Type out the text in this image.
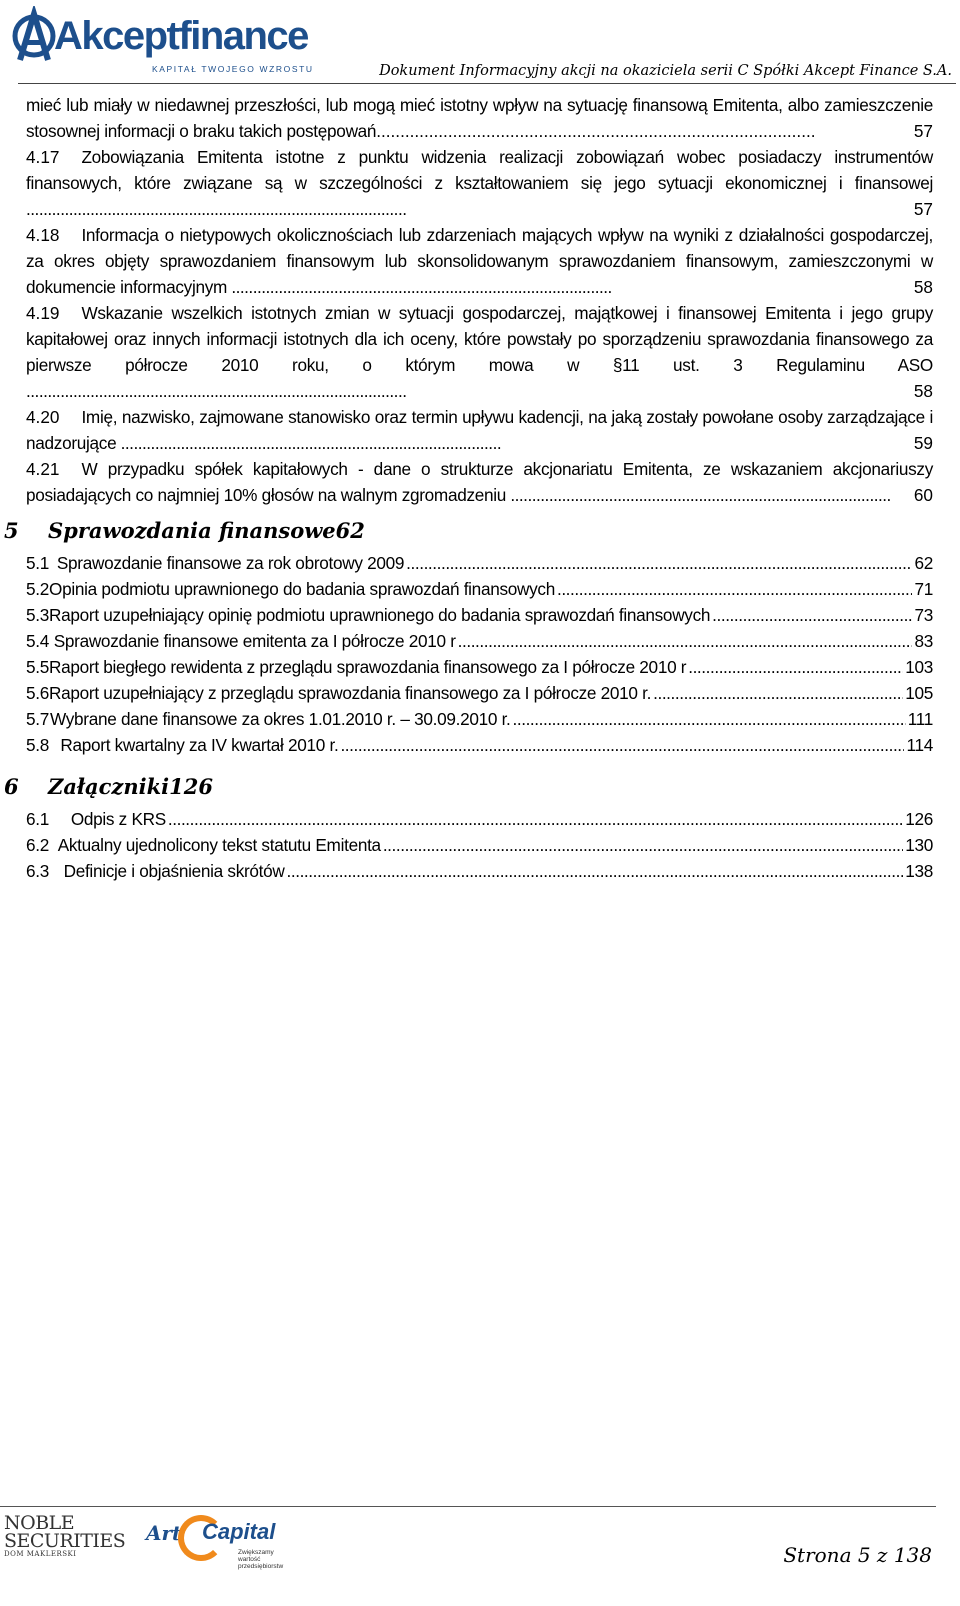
Akceptfinance
KAPITAŁ TWOJEGO WZROSTU	Dokument Informacyjny akcji na okaziciela serii C Spółki Akcept Finance S.A.
mieć lub miały w niedawnej przeszłości, lub mogą mieć istotny wpływ na sytuację finansową Emitenta, albo zamieszczenie stosownej informacji o braku takich postępowań............................................................................................	57
4.17 Zobowiązania Emitenta istotne z punktu widzenia realizacji zobowiązań wobec posiadaczy instrumentów finansowych, które związane są w szczególności z kształtowaniem się jego sytuacji ekonomicznej i finansowej .........................................................................................	57
4.18 Informacja o nietypowych okolicznościach lub zdarzeniach mających wpływ na wyniki z działalności gospodarczej, za okres objęty sprawozdaniem finansowym lub skonsolidowanym sprawozdaniem finansowym, zamieszczonymi w dokumencie informacyjnym .........................................................................................	58
4.19 Wskazanie wszelkich istotnych zmian w sytuacji gospodarczej, majątkowej i finansowej Emitenta i jego grupy kapitałowej oraz innych informacji istotnych dla ich oceny, które powstały po sporządzeniu sprawozdania finansowego za pierwsze półrocze 2010 roku, o którym mowa w §11 ust. 3 Regulaminu ASO .........................................................................................	58
4.20 Imię, nazwisko, zajmowane stanowisko oraz termin upływu kadencji, na jaką zostały powołane osoby zarządzające i nadzorujące .........................................................................................	59
4.21 W przypadku spółek kapitałowych - dane o strukturze akcjonariatu Emitenta, ze wskazaniem akcjonariuszy posiadających co najmniej 10% głosów na walnym zgromadzeniu ......................................................................................... 60
5	Sprawozdania finansowe 62
5.1 Sprawozdanie finansowe za rok obrotowy 2009 . . .	62
5.2 Opinia podmiotu uprawnionego do badania sprawozdań finansowych . . .	71
5.3 Raport uzupełniający opinię podmiotu uprawnionego do badania sprawozdań finansowych . . .	73
5.4 Sprawozdanie finansowe emitenta za I półrocze 2010 r . . .	83
5.5 Raport biegłego rewidenta z przeglądu sprawozdania finansowego za I półrocze 2010 r . . .	103
5.6 Raport uzupełniający z przeglądu sprawozdania finansowego za I półrocze 2010 r. . . .	105
5.7 Wybrane dane finansowe za okres 1.01.2010 r. – 30.09.2010 r. . . .	111
5.8 Raport kwartalny za IV kwartał 2010 r. . . .	114
6	Załączniki 126
6.1	Odpis z KRS . . .	126
6.2 Aktualny ujednolicony tekst statutu Emitenta . . .	130
6.3 Definicje i objaśnienia skrótów . . .	138
NOBLE
SECURITIES
DOM MAKLERSKI
Art Capital
Zwiększamy wartość przedsiębiorstw	Strona 5 z 138
